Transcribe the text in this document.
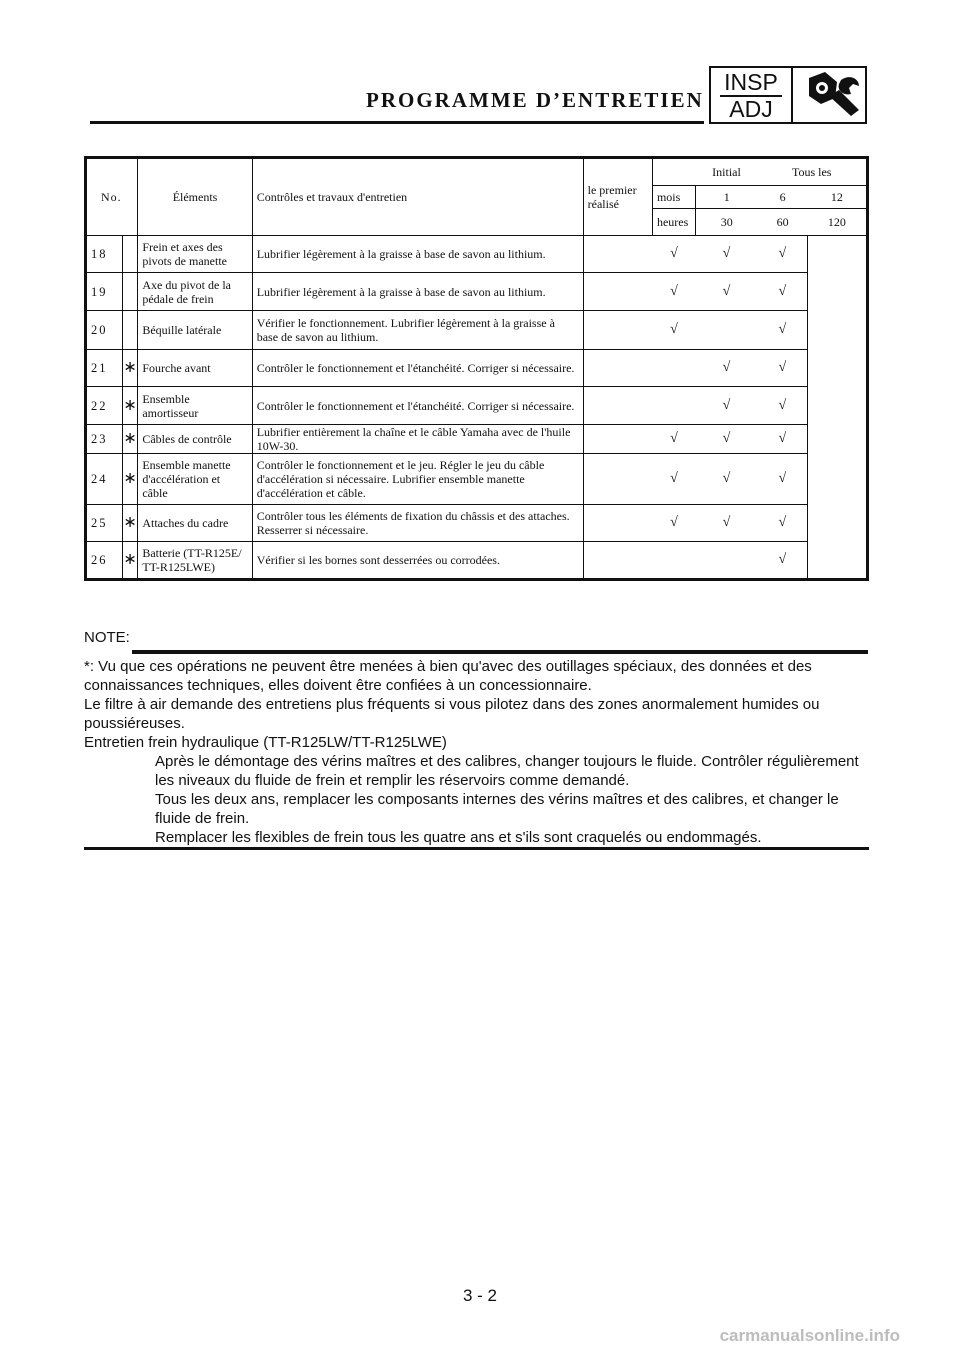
PROGRAMME D’ENTRETIEN
INSP
ADJ
No.		Éléments	Contrôles et travaux d'entretien	le premier réalisé		Initial	Tous les	
					mois	1	6	12
					heures	30	60	120
18		Frein et axes des pivots de manette	Lubrifier légèrement à la graisse à base de savon au lithium.		√	√	√	
19		Axe du pivot de la pédale de frein	Lubrifier légèrement à la graisse à base de savon au lithium.		√	√	√	
20		Béquille latérale	Vérifier le fonctionnement. Lubrifier légèrement à la graisse à base de savon au lithium.		√		√	
21	∗	Fourche avant	Contrôler le fonctionnement et l'étanchéité. Corriger si nécessaire.			√	√	
22	∗	Ensemble amortisseur	Contrôler le fonctionnement et l'étanchéité. Corriger si nécessaire.			√	√	
23	∗	Câbles de contrôle	Lubrifier entièrement la chaîne et le câble Yamaha avec de l'huile 10W-30.		√	√	√	
24	∗	Ensemble manette d'accélération et câble	Contrôler le fonctionnement et le jeu. Régler le jeu du câble d'accélération si nécessaire. Lubrifier ensemble manette d'accélération et câble.		√	√	√	
25	∗	Attaches du cadre	Contrôler tous les éléments de fixation du châssis et des attaches. Resserrer si nécessaire.		√	√	√	
26	∗	Batterie (TT-R125E/ TT-R125LWE)	Vérifier si les bornes sont desserrées ou corrodées.				√	
NOTE:

*: Vu que ces opérations ne peuvent être menées à bien qu'avec des outillages spéciaux, des données et des connaissances techniques, elles doivent être confiées à un concessionnaire.

Le filtre à air demande des entretiens plus fréquents si vous pilotez dans des zones anormalement humides ou poussiéreuses.

Entretien frein hydraulique (TT-R125LW/TT-R125LWE)

Après le démontage des vérins maîtres et des calibres, changer toujours le fluide. Contrôler régulièrement les niveaux du fluide de frein et remplir les réservoirs comme demandé.

Tous les deux ans, remplacer les composants internes des vérins maîtres et des calibres, et changer le fluide de frein.

Remplacer les flexibles de frein tous les quatre ans et s'ils sont craquelés ou endommagés.

3 - 2
carmanualsonline.info
